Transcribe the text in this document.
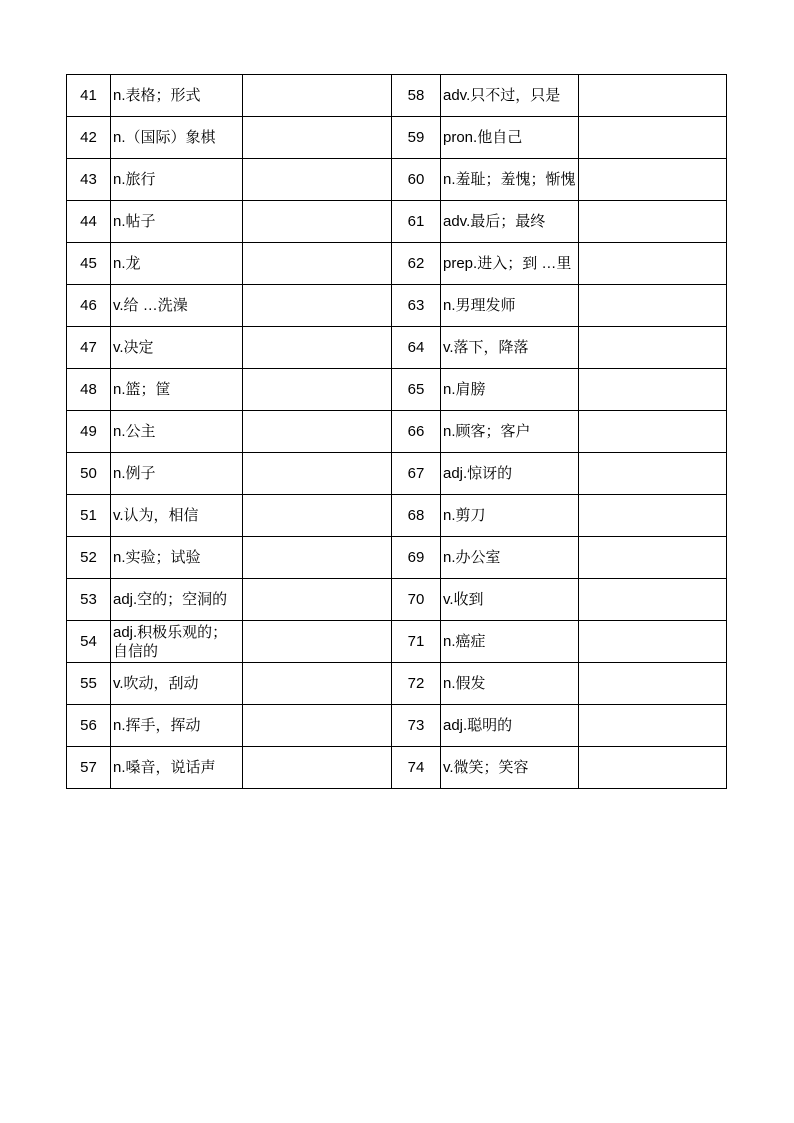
41	n.表格；形式		58	adv.只不过，只是	
42	n.（国际）象棋		59	pron.他自己	
43	n.旅行		60	n.羞耻；羞愧；惭愧	
44	n.帖子		61	adv.最后；最终	
45	n.龙		62	prep.进入；到 …里	
46	v.给 …洗澡		63	n.男理发师	
47	v.决定		64	v.落下，降落	
48	n.篮；筐		65	n.肩膀	
49	n.公主		66	n.顾客；客户	
50	n.例子		67	adj.惊讶的	
51	v.认为，相信		68	n.剪刀	
52	n.实验；试验		69	n.办公室	
53	adj.空的；空洞的		70	v.收到	
54	adj.积极乐观的；自信的		71	n.癌症	
55	v.吹动，刮动		72	n.假发	
56	n.挥手，挥动		73	adj.聪明的	
57	n.嗓音，说话声		74	v.微笑；笑容	
